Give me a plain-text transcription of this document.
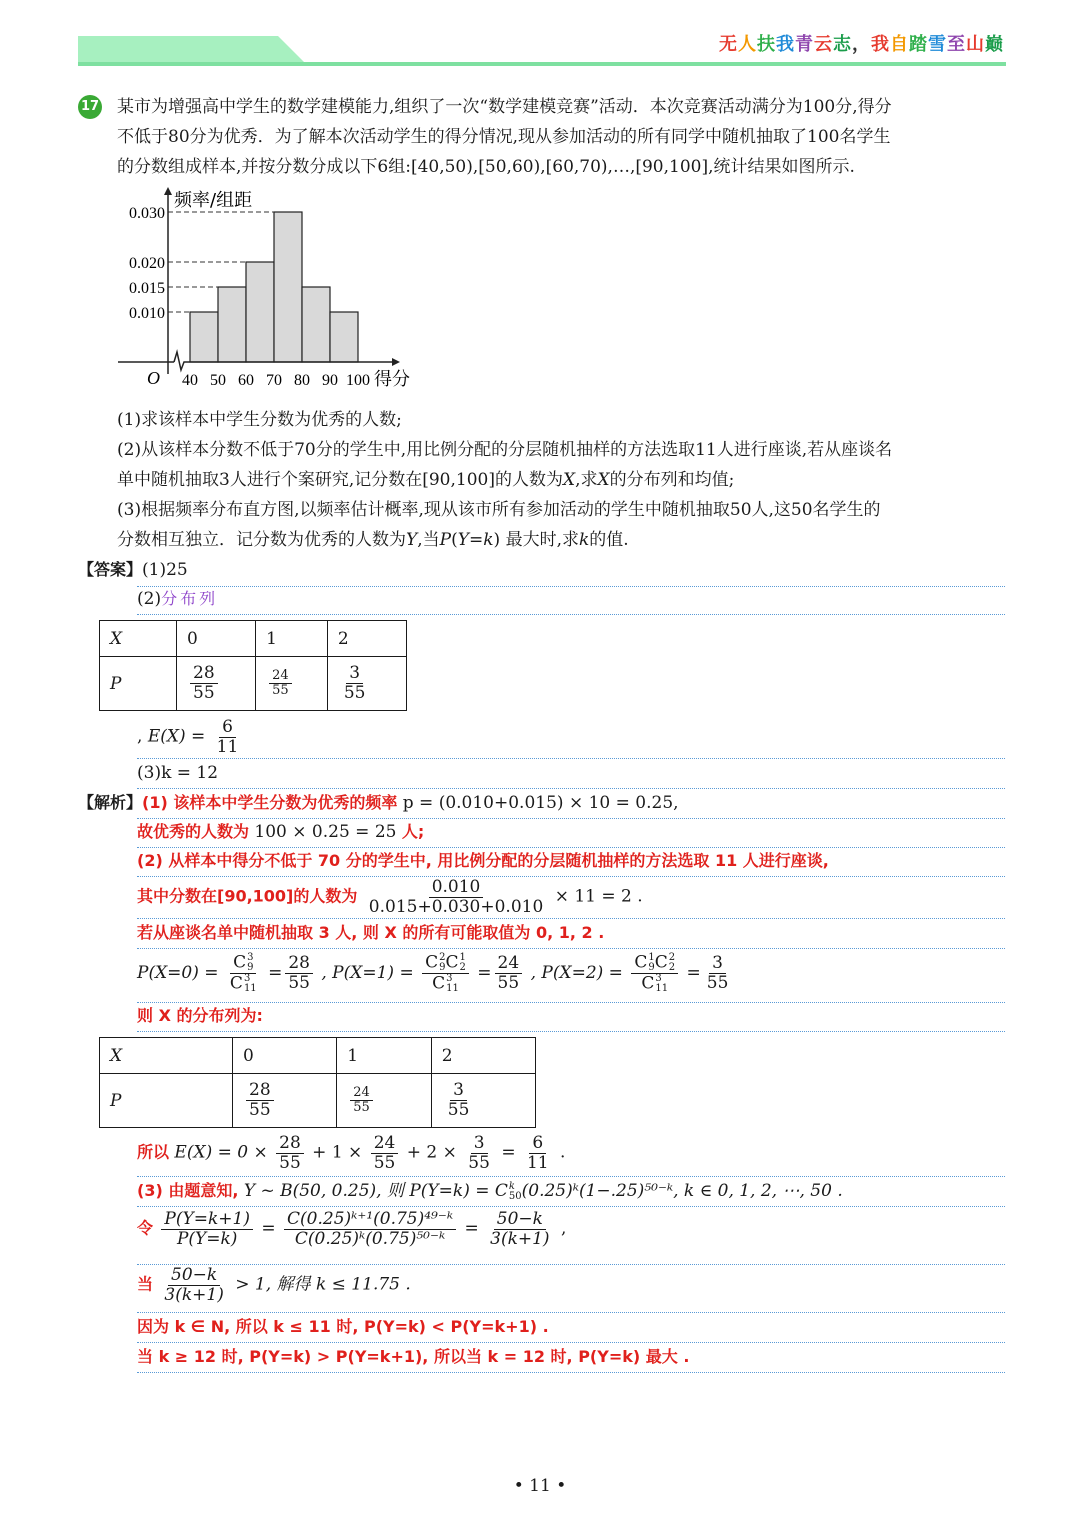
无人扶我青云志，我自踏雪至山巅
17 某市为增强高中学生的数学建模能力,组织了一次“数学建模竞赛”活动．本次竞赛活动满分为100分,得分
不低于80分为优秀．为了解本次活动学生的得分情况,现从参加活动的所有同学中随机抽取了100名学生
的分数组成样本,并按分数分成以下6组:[40,50),[50,60),[60,70),…,[90,100],统计结果如图所示.
0.010
0.015
0.020
0.030
40 50 60 70 80 90 100 得分
频率/组距
O
(1)求该样本中学生分数为优秀的人数;
(2)从该样本分数不低于70分的学生中,用比例分配的分层随机抽样的方法选取11人进行座谈,若从座谈名
单中随机抽取3人进行个案研究,记分数在[90,100]的人数为X,求X的分布列和均值;
(3)根据频率分布直方图,以频率估计概率,现从该市所有参加活动的学生中随机抽取50人,这50名学生的
分数相互独立．记分数为优秀的人数为Y,当P(Y=k) 最大时,求k的值.
【答案】(1)25
(2)分布列
X	0	1	2
P	$\frac{28}{55}$	$\frac{24}{55}$	$\frac{3}{55}$
, $E(X) = \frac{6}{11}$
(3)k = 12
【解析】(1) 该样本中学生分数为优秀的频率 p = (0.010+0.015) × 10 = 0.25,
故优秀的人数为 100 × 0.25 = 25 人;
(2) 从样本中得分不低于 70 分的学生中, 用比例分配的分层随机抽样的方法选取 11 人进行座谈,
其中分数在[90,100]的人数为 $\frac{0.010}{0.015+0.030+0.010} \times 11 = 2$ .
若从座谈名单中随机抽取 3 人, 则 X 的所有可能取值为 0, 1, 2 .
P(X=0) = C 3
9
C 3
$11 = \frac{28}{55}$ , P(X=1) = C 2
9 C 1
2
C 3
$11 = \frac{24}{55}$ , P(X=2) = C 1
9 C 2
2
C 3
$11 = \frac{3}{55}$
则 X 的分布列为:
X	0	1	2
P	$\frac{28}{55}$	$\frac{24}{55}$	$\frac{3}{55}$
所以 $E(X) = 0 \times \frac{28}{55} + 1 \times \frac{24}{55} + 2 \times \frac{3}{55} = \frac{6}{11}$ .
(3) 由题意知, Y ~ B(50, 0.25), 则 P(Y=k) = C k
50 (0.25)ᵏ(1−.25)⁵⁰⁻ᵏ, k ∈ 0, 1, 2, ⋯, 50 .
令 $\frac{P(Y=k+1)}{P(Y=k)} = \frac{\text{C(0.25)ᵏ⁺¹(0.75)⁴⁹⁻ᵏ}}{\text{C(0.25)ᵏ(0.75)⁵⁰⁻ᵏ}} = \frac{50-k}{3(k+1)}$ ,
当 $\frac{50-k}{3(k+1)} > 1$, 解得 k ≤ 11.75 .
因为 k ∈ N, 所以 k ≤ 11 时, P(Y=k) < P(Y=k+1) .
当 k ≥ 12 时, P(Y=k) > P(Y=k+1), 所以当 k = 12 时, P(Y=k) 最大 .
• 11 •
